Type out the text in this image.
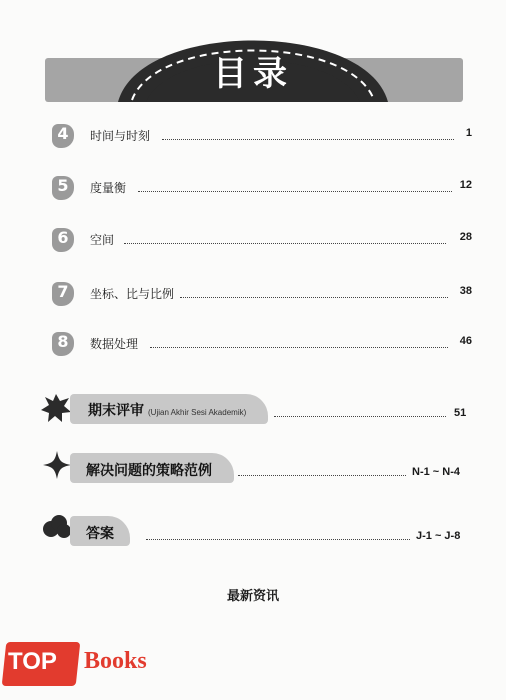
目录
4 时间与时刻	1
5 度量衡	12
6 空间	28
7 坐标、比与比例	38
8 数据处理	46
期末评审 (Ujian Akhir Sesi Akademik)	51
解决问题的策略范例	N-1 ~ N-4
答案	J-1 ~ J-8
最新资讯
TOP Books
